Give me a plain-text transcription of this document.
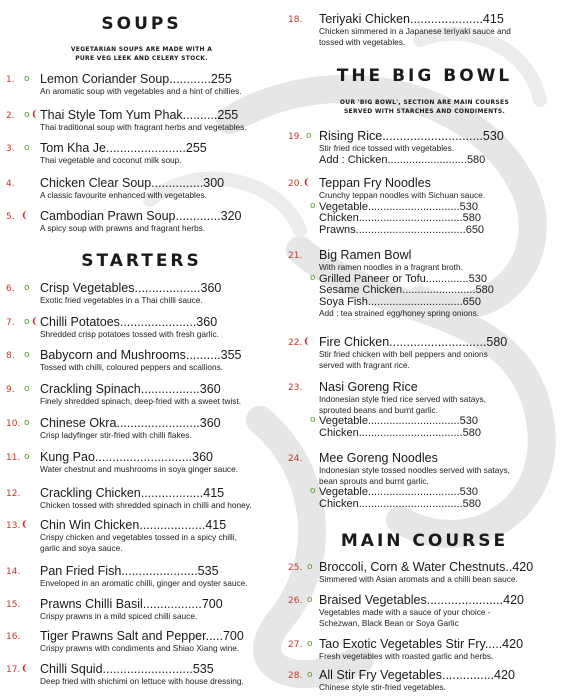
SOUPS
VEGETARIAN SOUPS ARE MADE WITH A
PURE VEG LEEK AND CELERY STOCK.
1. o Lemon Coriander Soup............255
An aromatic soup with vegetables and a hint of chillies.
2. o ❨ Thai Style Tom Yum Phak..........255
Thai traditional soup with fragrant herbs and vegetables.
3. o Tom Kha Je.......................255
Thai vegetable and coconut milk soup.
4. Chicken Clear Soup...............300
A classic favourite enhanced with vegetables.
5. ❨ Cambodian Prawn Soup.............320
A spicy soup with prawns and fragrant herbs.
STARTERS
6. o Crisp Vegetables...................360
Exotic fried vegetables in a Thai chilli sauce.
7. o ❨ Chilli Potatoes......................360
Shredded crisp potatoes tossed with fresh garlic.
8. o Babycorn and Mushrooms..........355
Tossed with chilli, coloured peppers and scallions.
9. o Crackling Spinach.................360
Finely shredded spinach, deep-fried with a sweet twist.
10. o Chinese Okra........................360
Crisp ladyfinger stir-fried with chilli flakes.
11. o Kung Pao............................360
Water chestnut and mushrooms in soya ginger sauce.
12. Crackling Chicken..................415
Chicken tossed with shredded spinach in chilli and honey.
13. ❨ Chin Win Chicken...................415
Crispy chicken and vegetables tossed in a spicy chilli,
garlic and soya sauce.
14. Pan Fried Fish......................535
Enveloped in an aromatic chilli, ginger and oyster sauce.
15. Prawns Chilli Basil.................700
Crispy prawns in a mild spiced chilli sauce.
16. Tiger Prawns Salt and Pepper.....700
Crispy prawns with condiments and Shiao Xiang wine.
17. ❨ Chilli Squid..........................535
Deep fried with shichimi on lettuce with house dressing.
18. Teriyaki Chicken.....................415
Chicken simmered in a Japanese teriyaki sauce and
tossed with vegetables.
THE BIG BOWL
OUR 'BIG BOWL', SECTION ARE MAIN COURSES
SERVED WITH STARCHES AND CONDIMENTS.
19. o Rising Rice.............................530
Stir fried rice tossed with vegetables.
Add : Chicken..........................580
20. ❨ Teppan Fry Noodles
Crunchy teppan noodles with Sichuan sauce.
o Vegetable..............................530
Chicken..................................580
Prawns....................................650
21. Big Ramen Bowl
With ramen noodles in a fragrant broth.
o Grilled Paneer or Tofu..............530
Sesame Chicken........................580
Soya Fish...............................650
Add : tea strained egg/honey spring onions.
22. ❨ Fire Chicken............................580
Stir fried chicken with bell peppers and onions
served with fragrant rice.
23. Nasi Goreng Rice
Indonesian style fried rice served with satays,
sprouted beans and burnt garlic.
o Vegetable..............................530
Chicken..................................580
24. Mee Goreng Noodles
Indonesian style tossed noodles served with satays,
bean sprouts and burnt garlic.
o Vegetable..............................530
Chicken..................................580
MAIN COURSE
25. o Broccoli, Corn & Water Chestnuts..420
Simmered with Asian aromats and a chilli bean sauce.
26. o Braised Vegetables......................420
Vegetables made with a sauce of your choice -
Schezwan, Black Bean or Soya Garlic
27. o Tao Exotic Vegetables Stir Fry.....420
Fresh vegetables with roasted garlic and herbs.
28. o All Stir Fry Vegetables...............420
Chinese style stir-fried vegetables.
